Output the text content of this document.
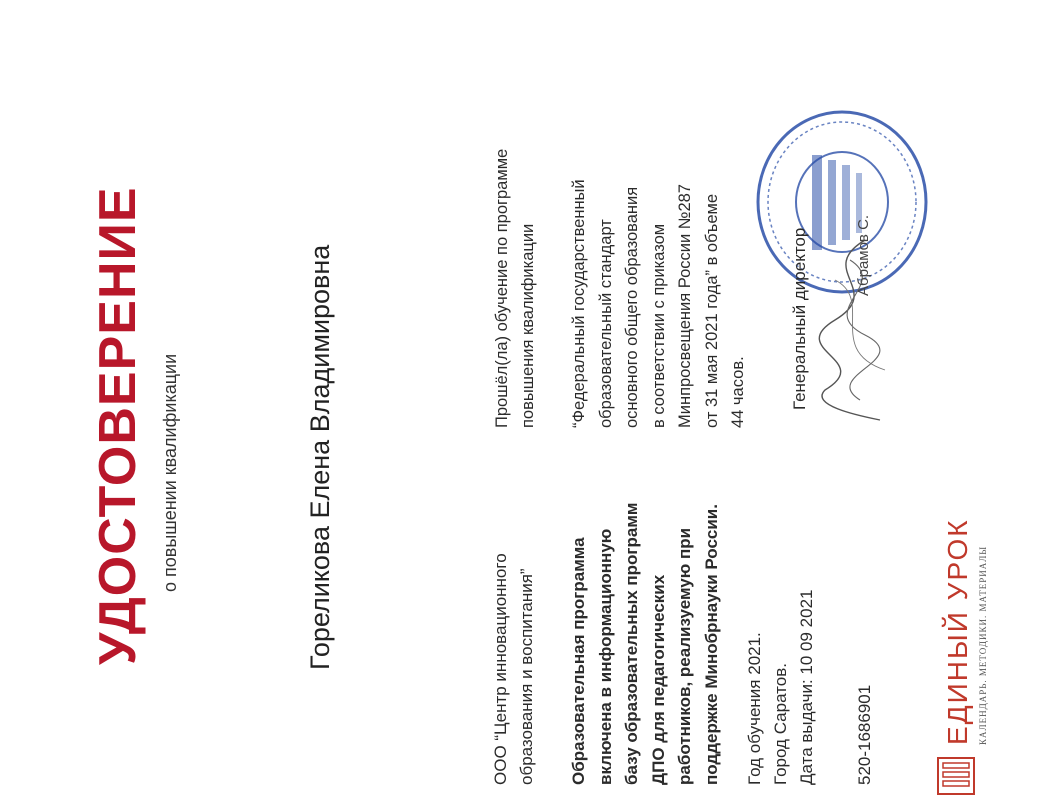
УДОСТОВЕРЕНИЕ о повышении квалификации	Гореликова Елена Владимировна	ООО “Центр инновационного образования и воспитания” Образовательная программа включена в информационную базу образовательных программ ДПО для педагогических работников, реализуемую при поддержке Минобрнауки России. Год обучения 2021. Город Саратов. Дата выдачи: 10 09 2021 520-1686901
Прошёл(ла) обучение по программе повышения квалификации “Федеральный государственный образовательный стандарт основного общего образования в соответствии с приказом Минпросвещения России №287 от 31 мая 2021 года” в объеме 44 часов.	Генеральный директор	Абрамов С.
ЕДИНЫЙ УРОК КАЛЕНДАРЬ. МЕТОДИКИ. МАТЕРИАЛЫ
